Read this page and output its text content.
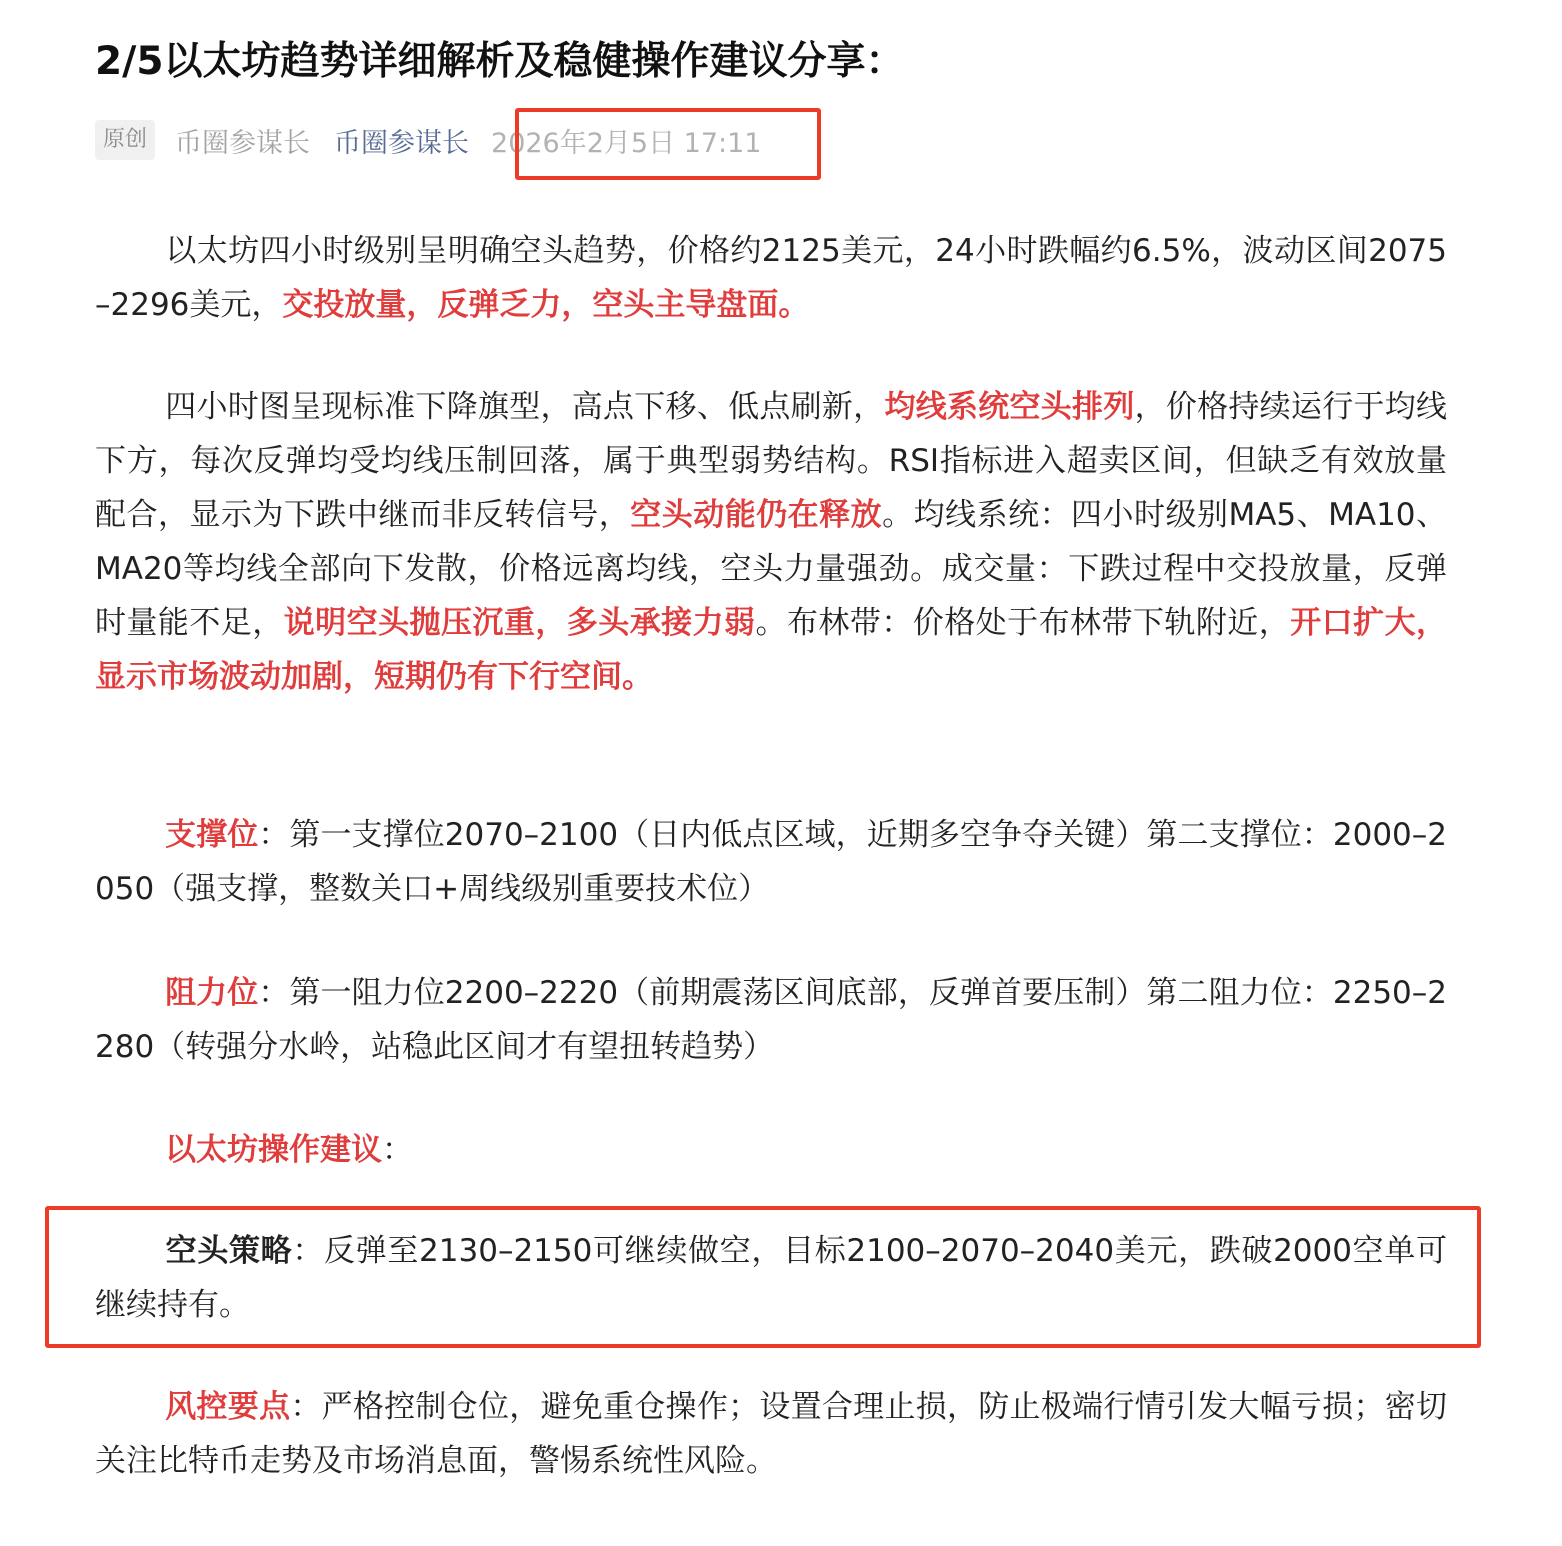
2/5以太坊趋势详细解析及稳健操作建议分享：
原创 币圈参谋长 币圈参谋长 2026年2月5日 17:11

以太坊四小时级别呈明确空头趋势，价格约2125美元，24小时跌幅约6.5%，波动区间2075–2296美元，交投放量，反弹乏力，空头主导盘面。

四小时图呈现标准下降旗型，高点下移、低点刷新，均线系统空头排列，价格持续运行于均线下方，每次反弹均受均线压制回落，属于典型弱势结构。RSI指标进入超卖区间，但缺乏有效放量配合，显示为下跌中继而非反转信号，空头动能仍在释放。均线系统：四小时级别MA5、MA10、MA20等均线全部向下发散，价格远离均线，空头力量强劲。成交量：下跌过程中交投放量，反弹时量能不足，说明空头抛压沉重，多头承接力弱。布林带：价格处于布林带下轨附近，开口扩大，显示市场波动加剧，短期仍有下行空间。

支撑位：第一支撑位2070–2100（日内低点区域，近期多空争夺关键）第二支撑位：2000–2050（强支撑，整数关口+周线级别重要技术位）

阻力位：第一阻力位2200–2220（前期震荡区间底部，反弹首要压制）第二阻力位：2250–2280（转强分水岭，站稳此区间才有望扭转趋势）

以太坊操作建议：

空头策略：反弹至2130–2150可继续做空，目标2100–2070–2040美元，跌破2000空单可继续持有。

风控要点：严格控制仓位，避免重仓操作；设置合理止损，防止极端行情引发大幅亏损；密切关注比特币走势及市场消息面，警惕系统性风险。
